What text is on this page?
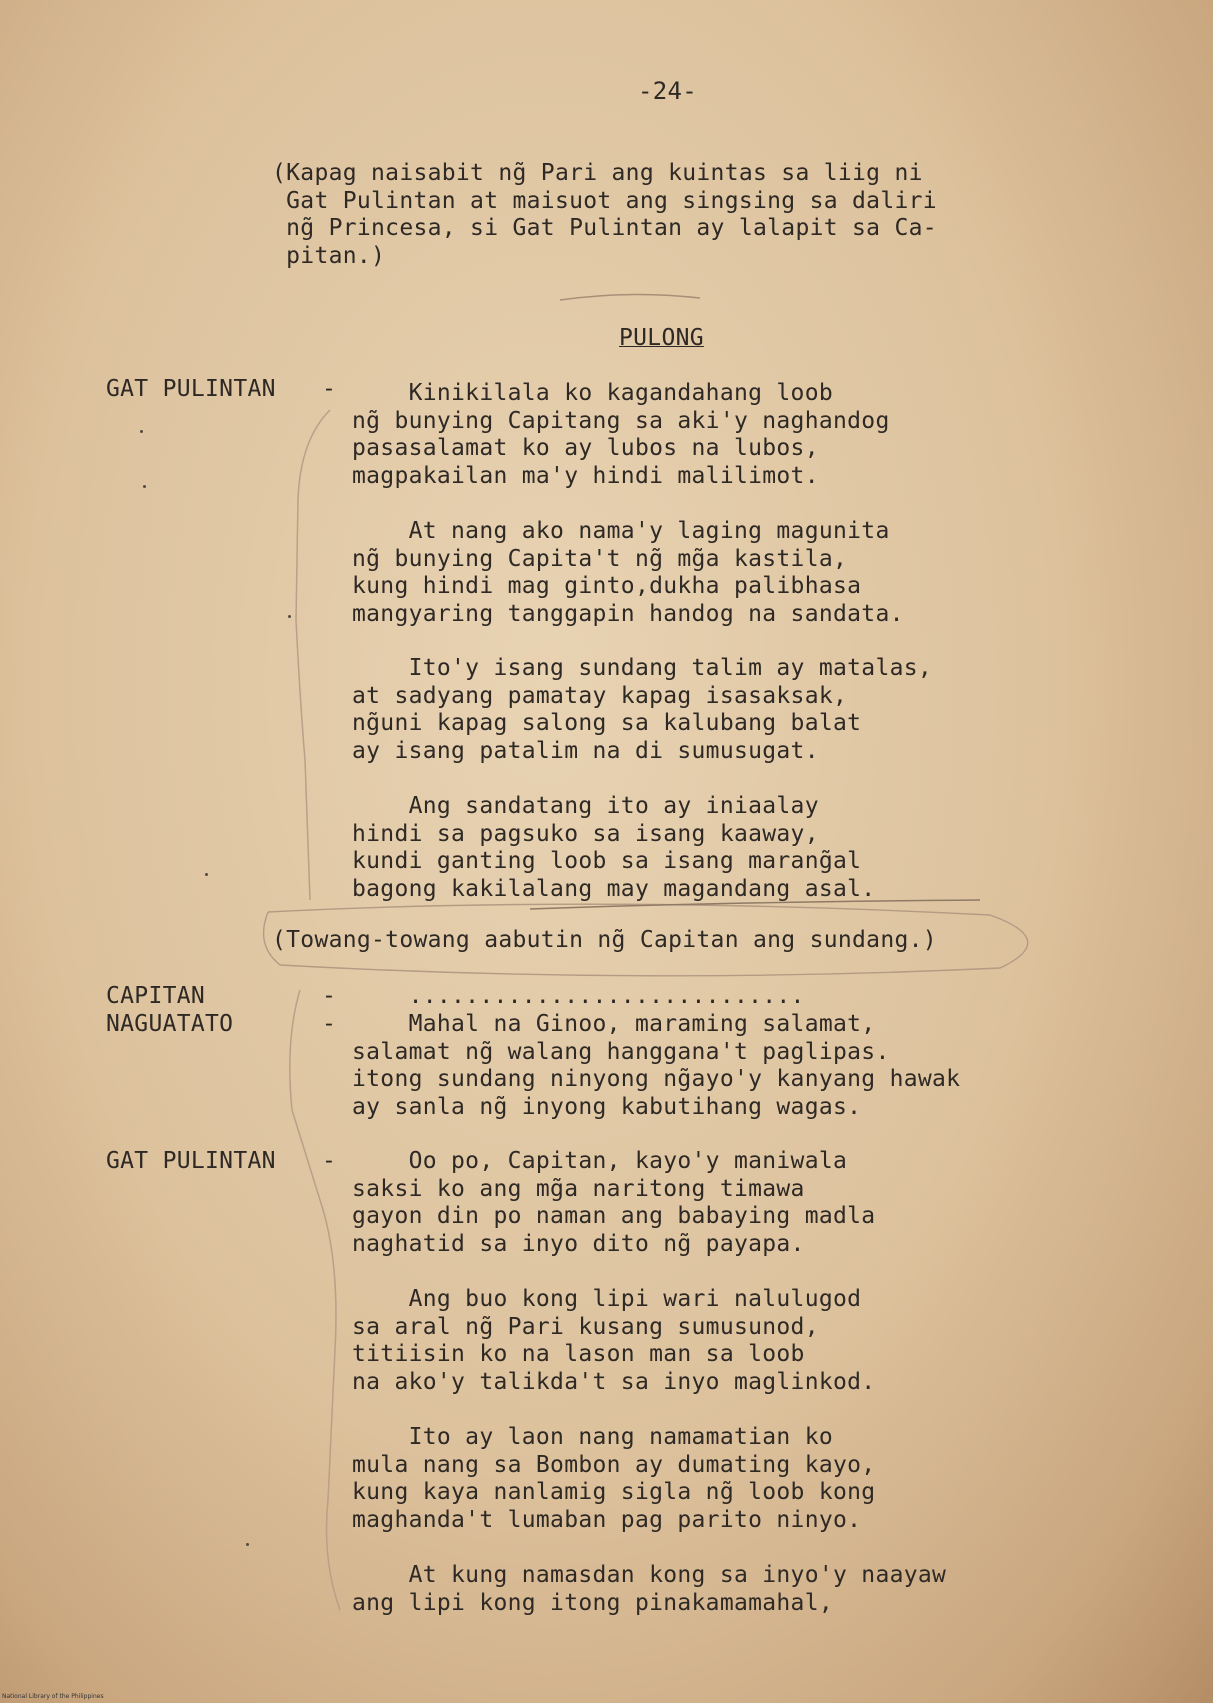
-24-
(Kapag naisabit ng̃ Pari ang kuintas sa liig ni
Gat Pulintan at maisuot ang singsing sa daliri
ng̃ Princesa, si Gat Pulintan ay lalapit sa Ca-
pitan.)
PULONG
GAT PULINTAN -	Kinikilala ko kagandahang loob
ng̃ bunying Capitang sa aki'y naghandog
pasasalamat ko ay lubos na lubos,
magpakailan ma'y hindi malilimot.
At nang ako nama'y laging magunita
ng̃ bunying Capita't ng̃ mg̃a kastila,
kung hindi mag ginto,dukha palibhasa
mangyaring tanggapin handog na sandata.
Ito'y isang sundang talim ay matalas,
at sadyang pamatay kapag isasaksak,
ng̃uni kapag salong sa kalubang balat
ay isang patalim na di sumusugat.
Ang sandatang ito ay iniaalay
hindi sa pagsuko sa isang kaaway,
kundi ganting loob sa isang marang̃al
bagong kakilalang may magandang asal.
(Towang-towang aabutin ng̃ Capitan ang sundang.)
CAPITAN	- ............................
NAGUATATO	-	Mahal na Ginoo, maraming salamat,
salamat ng̃ walang hanggana't paglipas.
itong sundang ninyong ng̃ayo'y kanyang hawak
ay sanla ng̃ inyong kabutihang wagas.
GAT PULINTAN -	Oo po, Capitan, kayo'y maniwala
saksi ko ang mg̃a naritong timawa
gayon din po naman ang babaying madla
naghatid sa inyo dito ng̃ payapa.
Ang buo kong lipi wari nalulugod
sa aral ng̃ Pari kusang sumusunod,
titiisin ko na lason man sa loob
na ako'y talikda't sa inyo maglinkod.
Ito ay laon nang namamatian ko
mula nang sa Bombon ay dumating kayo,
kung kaya nanlamig sigla ng̃ loob kong
maghanda't lumaban pag parito ninyo.
At kung namasdan kong sa inyo'y naayaw
ang lipi kong itong pinakamamahal,
National Library of the Philippines
